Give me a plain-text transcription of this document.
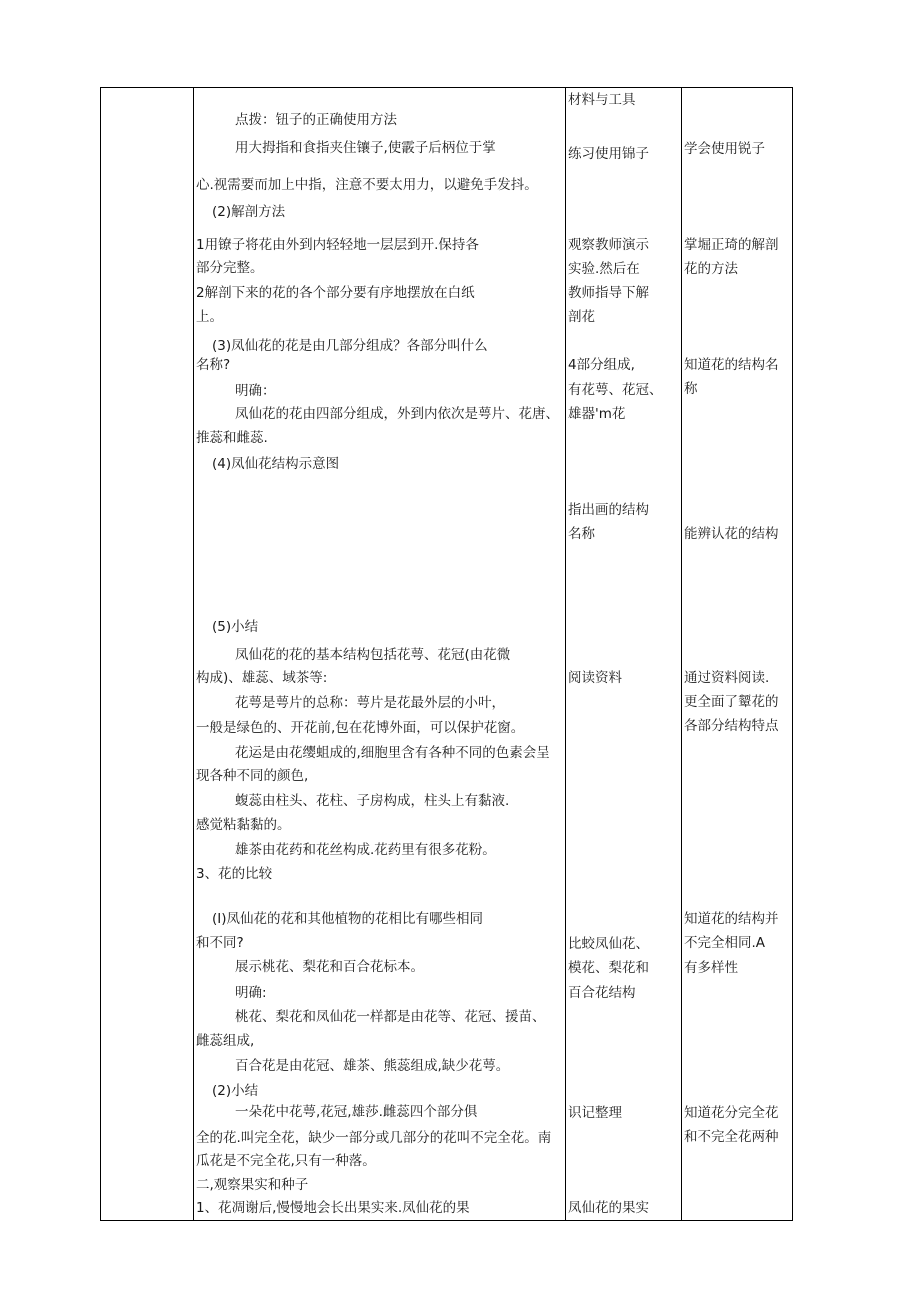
点拨：钮子的正确使用方法
用大拇指和食指夹住镶子,使霰子后柄位于掌
心.视需要而加上中指，注意不要太用力，以避免手发抖。
(2)解剖方法
1用镣子将花由外到内轻轻地一层层到开.保持各
部分完整。
2解剖下来的花的各个部分要有序地摆放在白纸
上。
(3)凤仙花的花是由几部分组成？各部分叫什么
名称?
明确：
凤仙花的花由四部分组成，外到内依次是萼片、花唐、
推蕊和雌蕊.
(4)凤仙花结构示意图
(5)小结
凤仙花的花的基本结构包括花萼、花冠(由花微
构成)、雄蕊、域茶等:
花萼是萼片的总称：萼片是花最外层的小叶，
一般是绿色的、开花前,包在花博外面，可以保护花窗。
花运是由花缨蛆成的,细胞里含有各种不同的色素会呈
现各种不同的颜色,
蝮蕊由柱头、花柱、子房构成，柱头上有黏液.
感觉粘黏黏的。
雄茶由花药和花丝构成.花药里有很多花粉。
3、花的比较
(I)凤仙花的花和其他植物的花相比有哪些相同
和不同?
展示桃花、梨花和百合花标本。
明确:
桃花、梨花和凤仙花一样都是由花等、花冠、援苗、
雌蕊组成,
百合花是由花冠、雄茶、熊蕊组成,缺少花萼。
(2)小结
一朵花中花萼,花冠,雄莎.雌蕊四个部分俱
全的花.叫完全花，缺少一部分或几部分的花叫不完全花。南
瓜花是不完全花,只有一种落。
二,观察果实和种子
1、花凋谢后,慢慢地会长出果实来.凤仙花的果
材料与工具
练习使用锦子
观察教师演示
实验.然后在
教师指导下解
剖花
4部分组成,
有花萼、花冠、
雄器'm花
指出画的结构
名称
阅读资料
比蛟凤仙花、
模花、梨花和
百合花结构
识记整理
凤仙花的果实
学会使用锐子
掌堀正琦的解剖
花的方法
知道花的结构名
称
能辨认花的结构
通过资料阅读.
更全面了颦花的
各部分结构特点
知道花的结构并
不完全相同.A
有多样性
知道花分完全花
和不完全花两种
